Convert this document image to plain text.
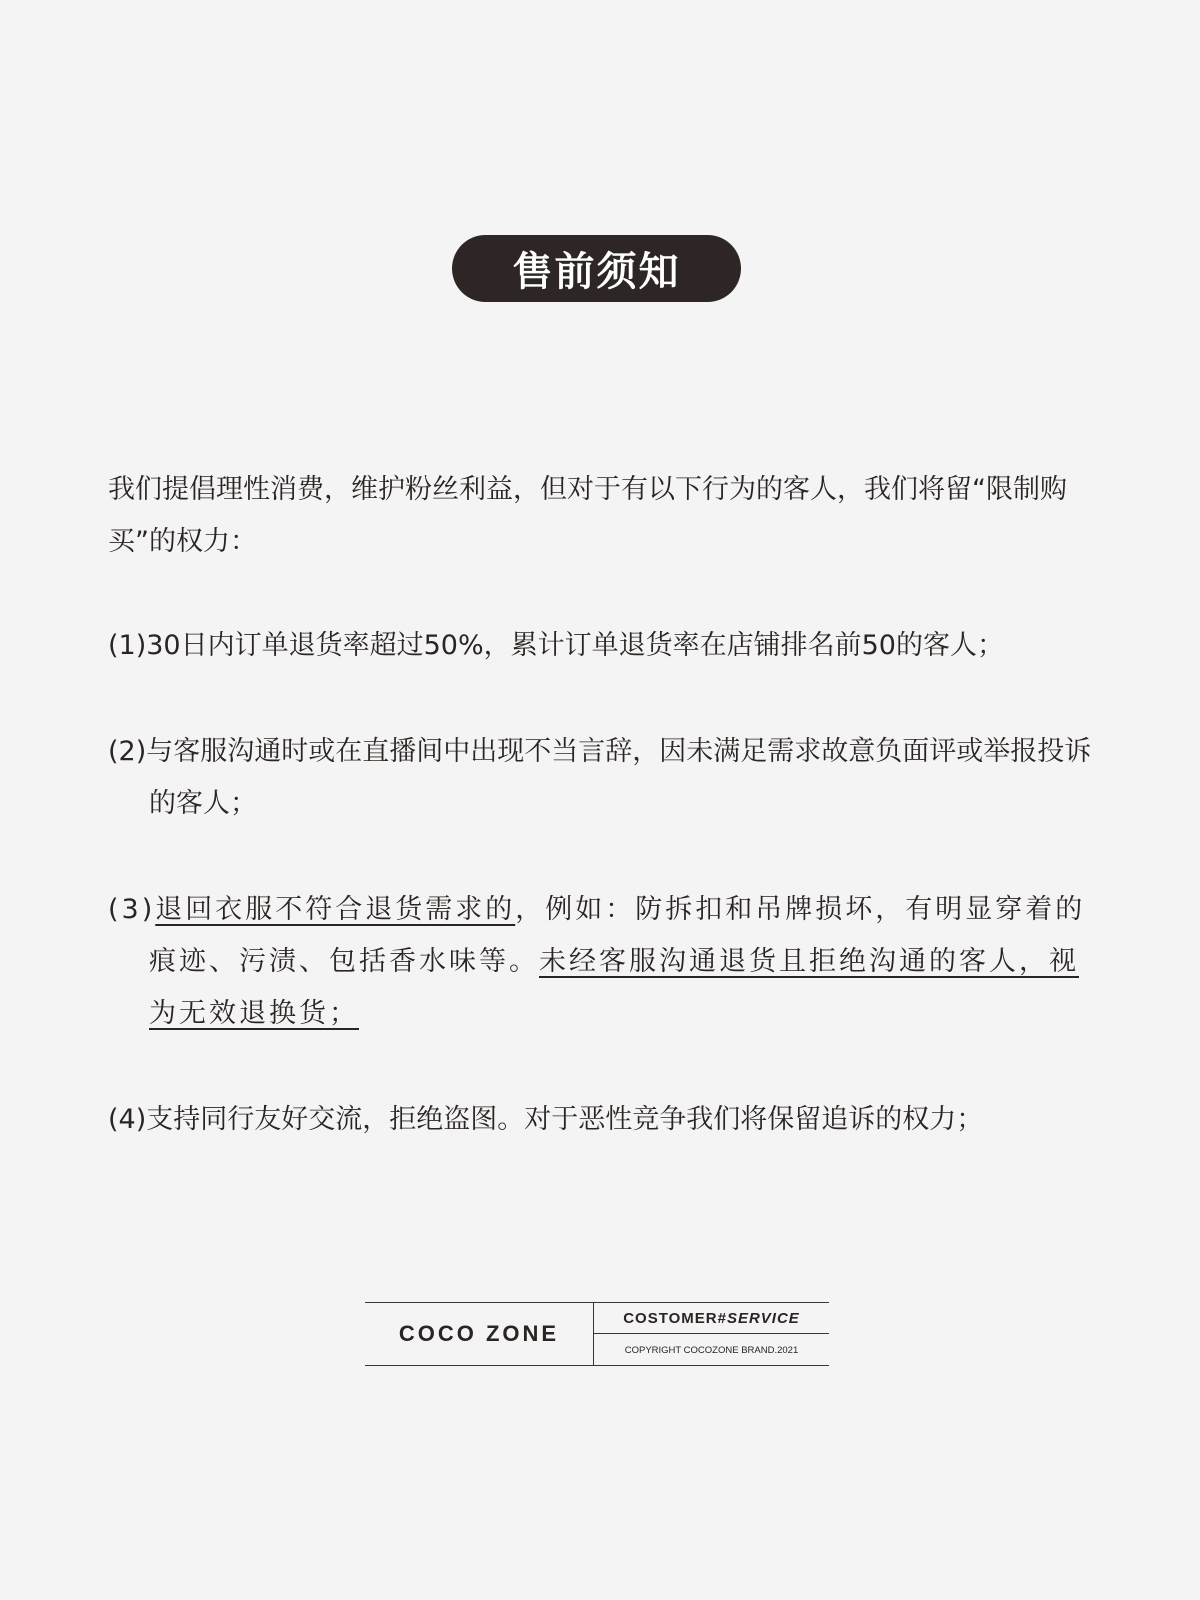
售前须知

我们提倡理性消费，维护粉丝利益，但对于有以下行为的客人，我们将留“限制购买”的权力：

(1)30日内订单退货率超过50%，累计订单退货率在店铺排名前50的客人；

(2)与客服沟通时或在直播间中出现不当言辞，因未满足需求故意负面评或举报投诉的客人；

(3)退回衣服不符合退货需求的，例如：防拆扣和吊牌损坏，有明显穿着的痕迹、污渍、包括香水味等。未经客服沟通退货且拒绝沟通的客人，视为无效退换货；

(4)支持同行友好交流，拒绝盗图。对于恶性竞争我们将保留追诉的权力；

COCO ZONE
COSTOMER# SERVICE
COPYRIGHT COCOZONE BRAND.2021
